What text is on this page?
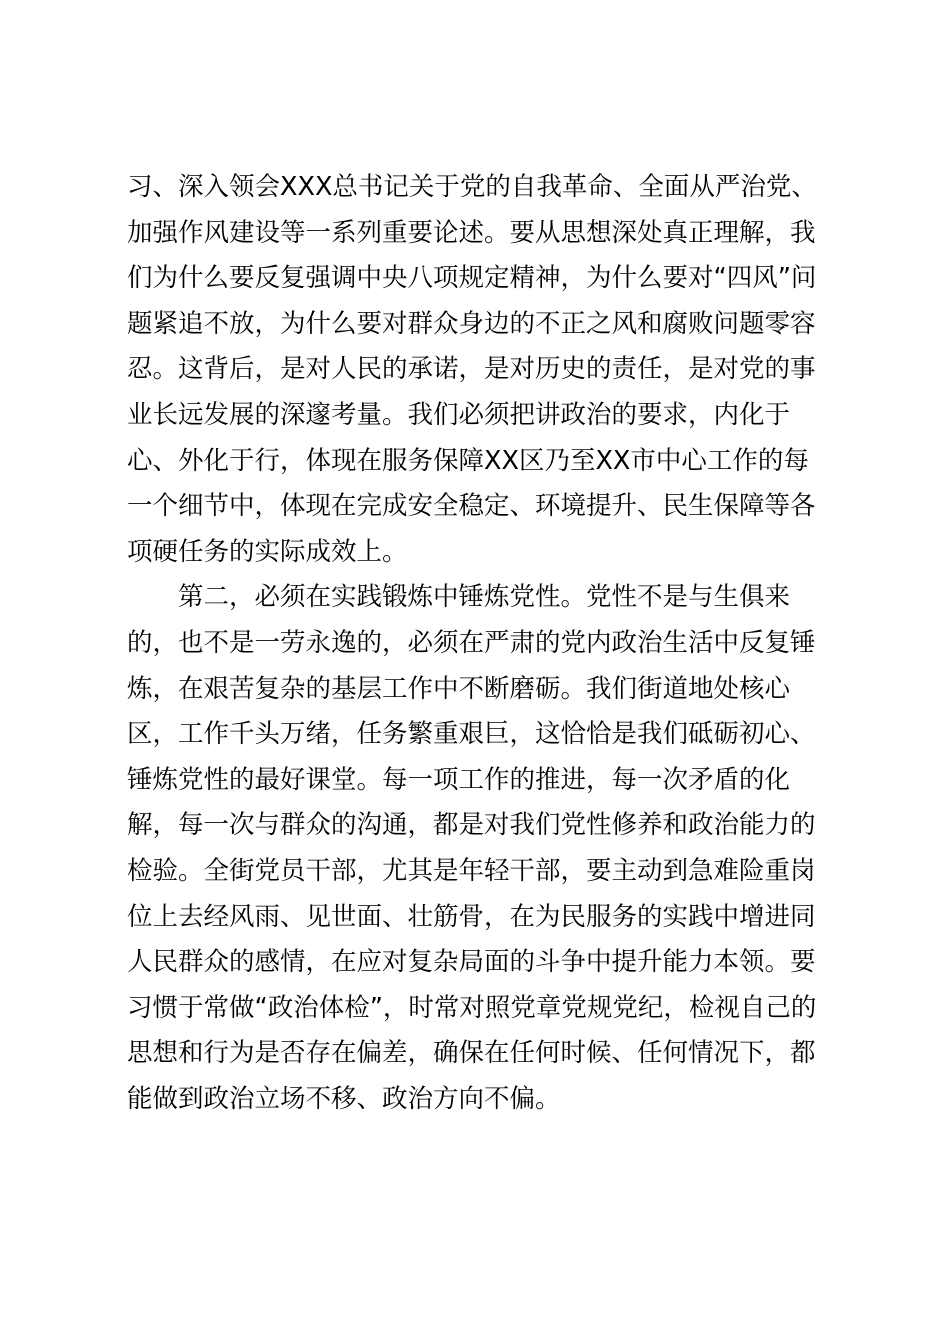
习、深入领会XXX总书记关于党的自我革命、全面从严治党、
加强作风建设等一系列重要论述。要从思想深处真正理解，我
们为什么要反复强调中央八项规定精神，为什么要对“四风”问
题紧追不放，为什么要对群众身边的不正之风和腐败问题零容
忍。这背后，是对人民的承诺，是对历史的责任，是对党的事
业长远发展的深邃考量。我们必须把讲政治的要求，内化于
心、外化于行，体现在服务保障XX区乃至XX市中心工作的每
一个细节中，体现在完成安全稳定、环境提升、民生保障等各
项硬任务的实际成效上。
第二，必须在实践锻炼中锤炼党性。党性不是与生俱来
的，也不是一劳永逸的，必须在严肃的党内政治生活中反复锤
炼，在艰苦复杂的基层工作中不断磨砺。我们街道地处核心
区，工作千头万绪，任务繁重艰巨，这恰恰是我们砥砺初心、
锤炼党性的最好课堂。每一项工作的推进，每一次矛盾的化
解，每一次与群众的沟通，都是对我们党性修养和政治能力的
检验。全街党员干部，尤其是年轻干部，要主动到急难险重岗
位上去经风雨、见世面、壮筋骨，在为民服务的实践中增进同
人民群众的感情，在应对复杂局面的斗争中提升能力本领。要
习惯于常做“政治体检”，时常对照党章党规党纪，检视自己的
思想和行为是否存在偏差，确保在任何时候、任何情况下，都
能做到政治立场不移、政治方向不偏。
